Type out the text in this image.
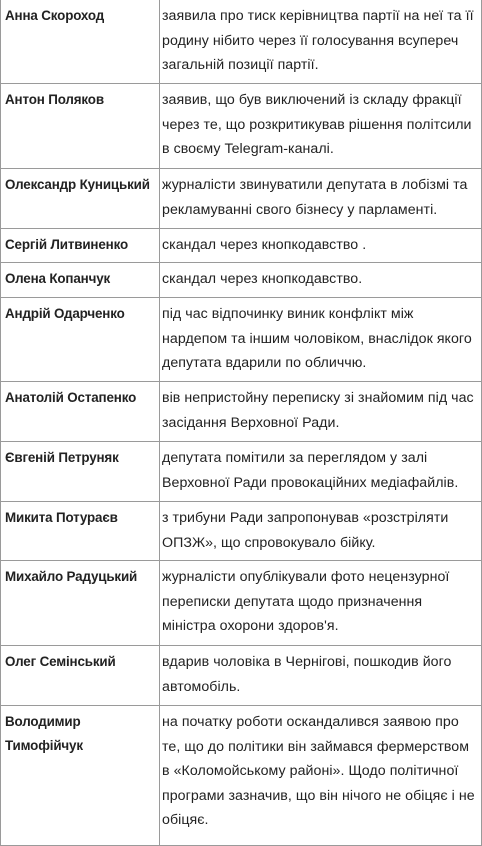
Анна Скороход	заявила про тиск керівництва партії на неї та її родину нібито через її голосування всупереч загальній позиції партії.
Антон Поляков	заявив, що був виключений із складу фракції через те, що розкритикував рішення політсили в своєму Telegram-каналі.
Олександр Куницький	журналісти звинуватили депутата в лобізмі та рекламуванні свого бізнесу у парламенті.
Сергій Литвиненко	скандал через кнопкодавство .
Олена Копанчук	скандал через кнопкодавство.
Андрій Одарченко	під час відпочинку виник конфлікт між нардепом та іншим чоловіком, внаслідок якого депутата вдарили по обличчю.
Анатолій Остапенко	вів непристойну переписку зі знайомим під час засідання Верховної Ради.
Євгеній Петруняк	депутата помітили за переглядом у залі Верховної Ради провокаційних медіафайлів.
Микита Потураєв	з трибуни Ради запропонував «розстріляти ОПЗЖ», що спровокувало бійку.
Михайло Радуцький	журналісти опублікували фото нецензурної переписки депутата щодо призначення міністра охорони здоров'я.
Олег Семінський	вдарив чоловіка в Чернігові, пошкодив його автомобіль.
Володимир Тимофійчук	на початку роботи оскандалився заявою про те, що до політики він займався фермерством в «Коломойському районі». Щодо політичної програми зазначив, що він нічого не обіцяє і не обіцяє.
